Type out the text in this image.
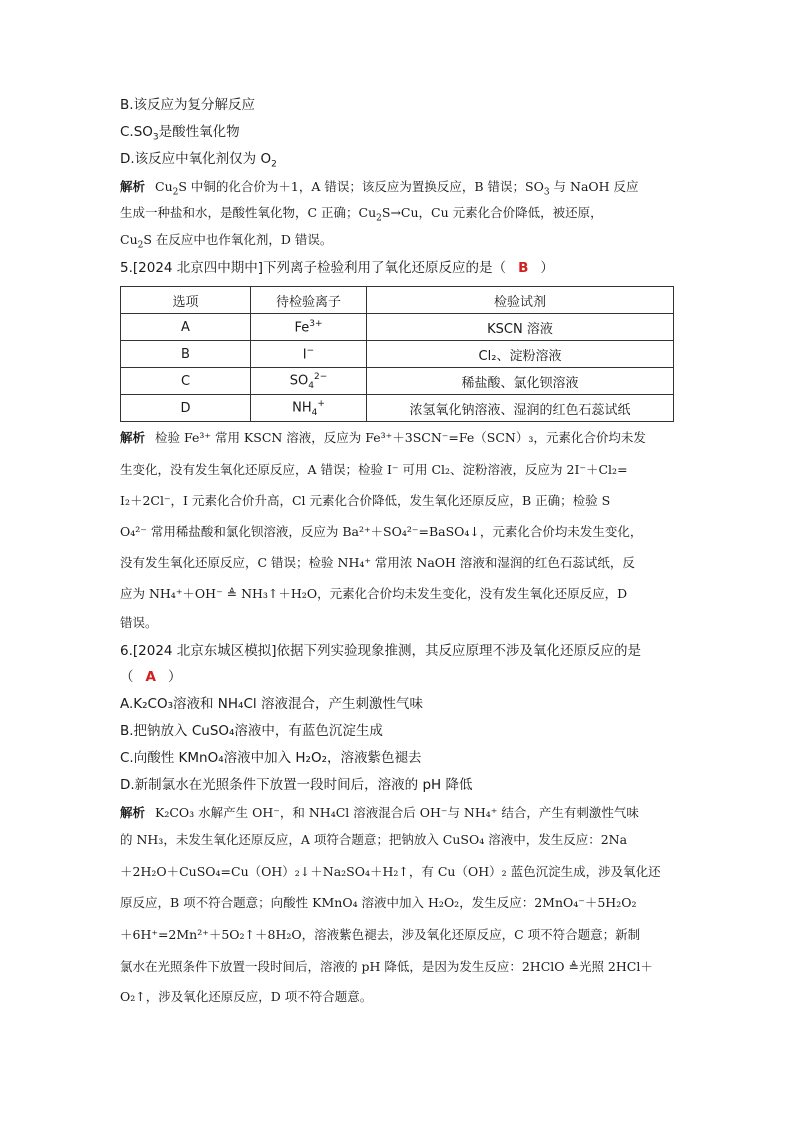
B.该反应为复分解反应
$C.SO_3$是酸性氧化物
D.该反应中氧化剂仅为 $O_2$
解析 $Cu_2S$ 中铜的化合价为＋1，A 错误；该反应为置换反应，B 错误；$SO_3$ 与 NaOH 反应
生成一种盐和水，是酸性氧化物，C 正确；$Cu_2S\to Cu$，Cu 元素化合价降低，被还原，
$Cu_2S$ 在反应中也作氧化剂，D 错误。
5.[2024 北京四中期中]下列离子检验利用了氧化还原反应的是（ B ）
选项	待检验离子	检验试剂
A	$Fe^{3+}$	KSCN 溶液
B	I−	Cl₂、淀粉溶液
C	$SO_4^{2-}$	稀盐酸、氯化钡溶液
D	$NH_4^+$	浓氢氧化钠溶液、湿润的红色石蕊试纸
解析 检验 Fe³⁺ 常用 KSCN 溶液，反应为 Fe³⁺＋3SCN⁻=Fe（SCN）₃，元素化合价均未发
生变化，没有发生氧化还原反应，A 错误；检验 I⁻ 可用 Cl₂、淀粉溶液，反应为 2I⁻＋Cl₂=
I₂＋2Cl⁻，I 元素化合价升高，Cl 元素化合价降低，发生氧化还原反应，B 正确；检验 S
O₄²⁻ 常用稀盐酸和氯化钡溶液，反应为 Ba²⁺＋SO₄²⁻=BaSO₄↓，元素化合价均未发生变化，
没有发生氧化还原反应，C 错误；检验 NH₄⁺ 常用浓 NaOH 溶液和湿润的红色石蕊试纸，反
应为 NH₄⁺＋OH⁻ ≜ NH₃↑＋H₂O，元素化合价均未发生变化，没有发生氧化还原反应，D
错误。
6.[2024 北京东城区模拟]依据下列实验现象推测，其反应原理不涉及氧化还原反应的是
（ A ）
A.K₂CO₃溶液和 NH₄Cl 溶液混合，产生刺激性气味
B.把钠放入 CuSO₄溶液中，有蓝色沉淀生成
C.向酸性 KMnO₄溶液中加入 H₂O₂，溶液紫色褪去
D.新制氯水在光照条件下放置一段时间后，溶液的 pH 降低
解析 K₂CO₃ 水解产生 OH⁻，和 NH₄Cl 溶液混合后 OH⁻与 NH₄⁺ 结合，产生有刺激性气味
的 NH₃，未发生氧化还原反应，A 项符合题意；把钠放入 CuSO₄ 溶液中，发生反应：2Na
＋2H₂O＋CuSO₄=Cu（OH）₂↓＋Na₂SO₄＋H₂↑，有 Cu（OH）₂ 蓝色沉淀生成，涉及氧化还
原反应，B 项不符合题意；向酸性 KMnO₄ 溶液中加入 H₂O₂，发生反应：2MnO₄⁻＋5H₂O₂
＋6H⁺=2Mn²⁺＋5O₂↑＋8H₂O，溶液紫色褪去，涉及氧化还原反应，C 项不符合题意；新制
氯水在光照条件下放置一段时间后，溶液的 pH 降低，是因为发生反应：2HClO ≜光照 2HCl＋
O₂↑，涉及氧化还原反应，D 项不符合题意。
